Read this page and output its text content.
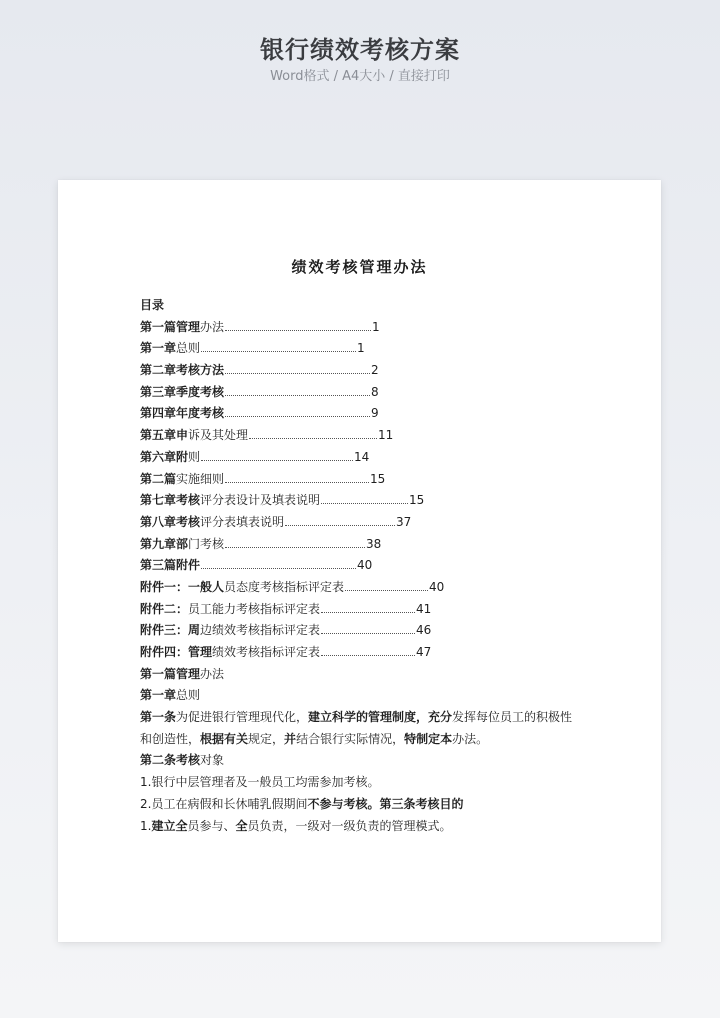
银行绩效考核方案
Word格式 / A4大小 / 直接打印
绩效考核管理办法
目录
第一篇管理 办法	1
第一章 总则	1
第二章考核方法	2
第三章季度考核	8
第四章年度考核	9
第五章申 诉及其处理	11
第六章附 则	14
第二篇 实施细则	15
第七章考核 评分表设计及填表说明	15
第八章考核 评分表填表说明	37
第九章部 门考核	38
第三篇附件	40
附件一：一般人 员态度考核指标评定表	40
附件二： 员工能力考核指标评定表	41
附件三：周 边绩效考核指标评定表	46
附件四：管理 绩效考核指标评定表	47
第一篇管理办法
第一章总则
第一条为促进银行管理现代化，建立科学的管理制度，充分发挥每位员工的积极性和创造性，根据有关规定，并结合银行实际情况，特制定本办法。
第二条考核对象
1.银行中层管理者及一般员工均需参加考核。
2.员工在病假和长休哺乳假期间不参与考核。第三条考核目的
1.建立全员参与、全员负责，一级对一级负责的管理模式。
